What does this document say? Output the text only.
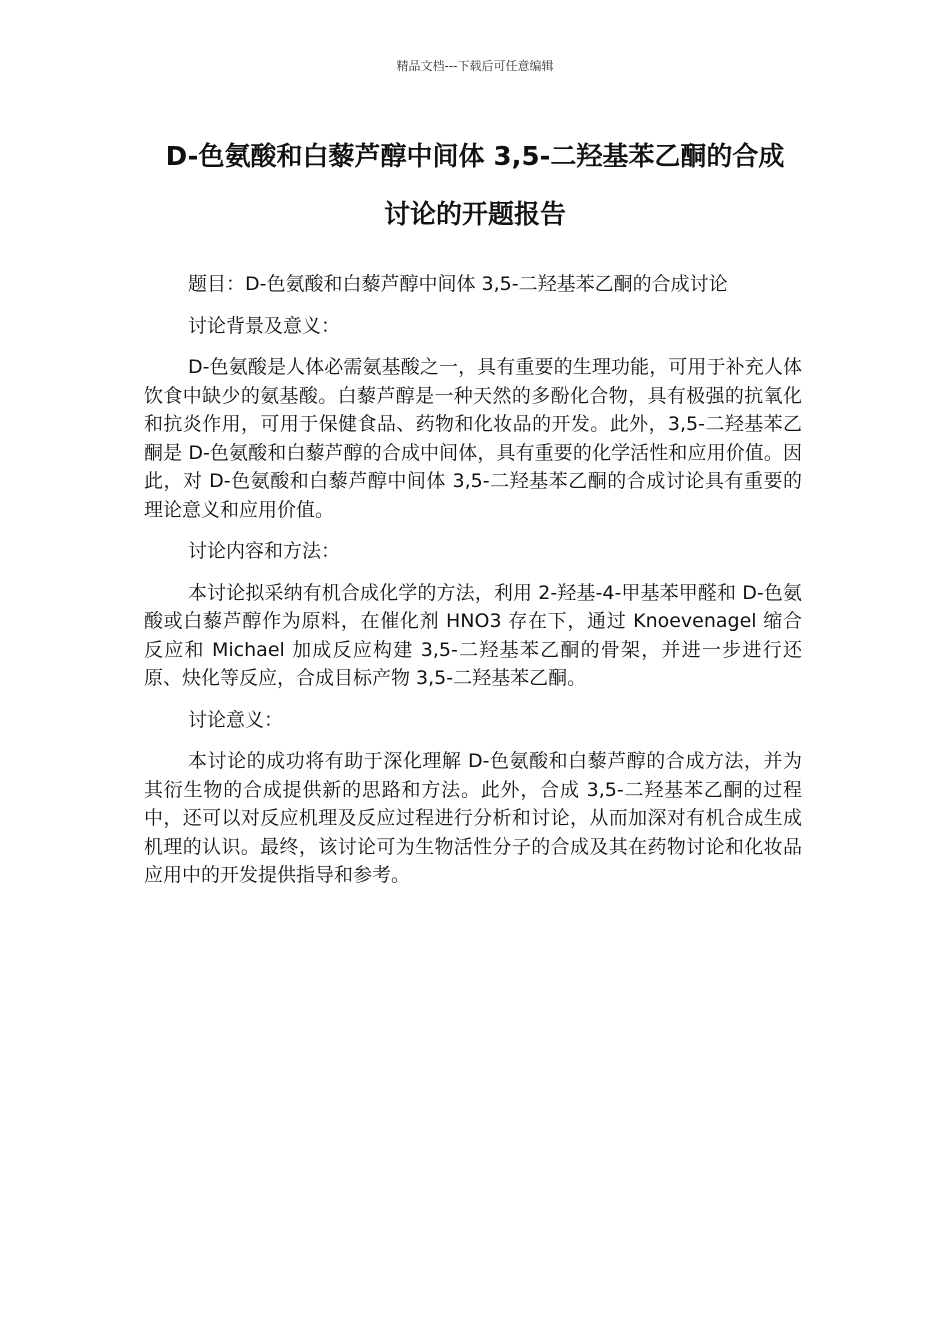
精品文档---下载后可任意编辑
D-色氨酸和白藜芦醇中间体 3,5-二羟基苯乙酮的合成
讨论的开题报告

题目：D-色氨酸和白藜芦醇中间体 3,5-二羟基苯乙酮的合成讨论

讨论背景及意义：

D-色氨酸是人体必需氨基酸之一，具有重要的生理功能，可用于补充人体饮食中缺少的氨基酸。白藜芦醇是一种天然的多酚化合物，具有极强的抗氧化和抗炎作用，可用于保健食品、药物和化妆品的开发。此外，3,5-二羟基苯乙酮是 D-色氨酸和白藜芦醇的合成中间体，具有重要的化学活性和应用价值。因此，对 D-色氨酸和白藜芦醇中间体 3,5-二羟基苯乙酮的合成讨论具有重要的理论意义和应用价值。

讨论内容和方法：

本讨论拟采纳有机合成化学的方法，利用 2-羟基-4-甲基苯甲醛和 D-色氨酸或白藜芦醇作为原料，在催化剂 HNO3 存在下，通过 Knoevenagel 缩合反应和 Michael 加成反应构建 3,5-二羟基苯乙酮的骨架，并进一步进行还原、炔化等反应，合成目标产物 3,5-二羟基苯乙酮。

讨论意义：

本讨论的成功将有助于深化理解 D-色氨酸和白藜芦醇的合成方法，并为其衍生物的合成提供新的思路和方法。此外，合成 3,5-二羟基苯乙酮的过程中，还可以对反应机理及反应过程进行分析和讨论，从而加深对有机合成生成机理的认识。最终，该讨论可为生物活性分子的合成及其在药物讨论和化妆品应用中的开发提供指导和参考。
